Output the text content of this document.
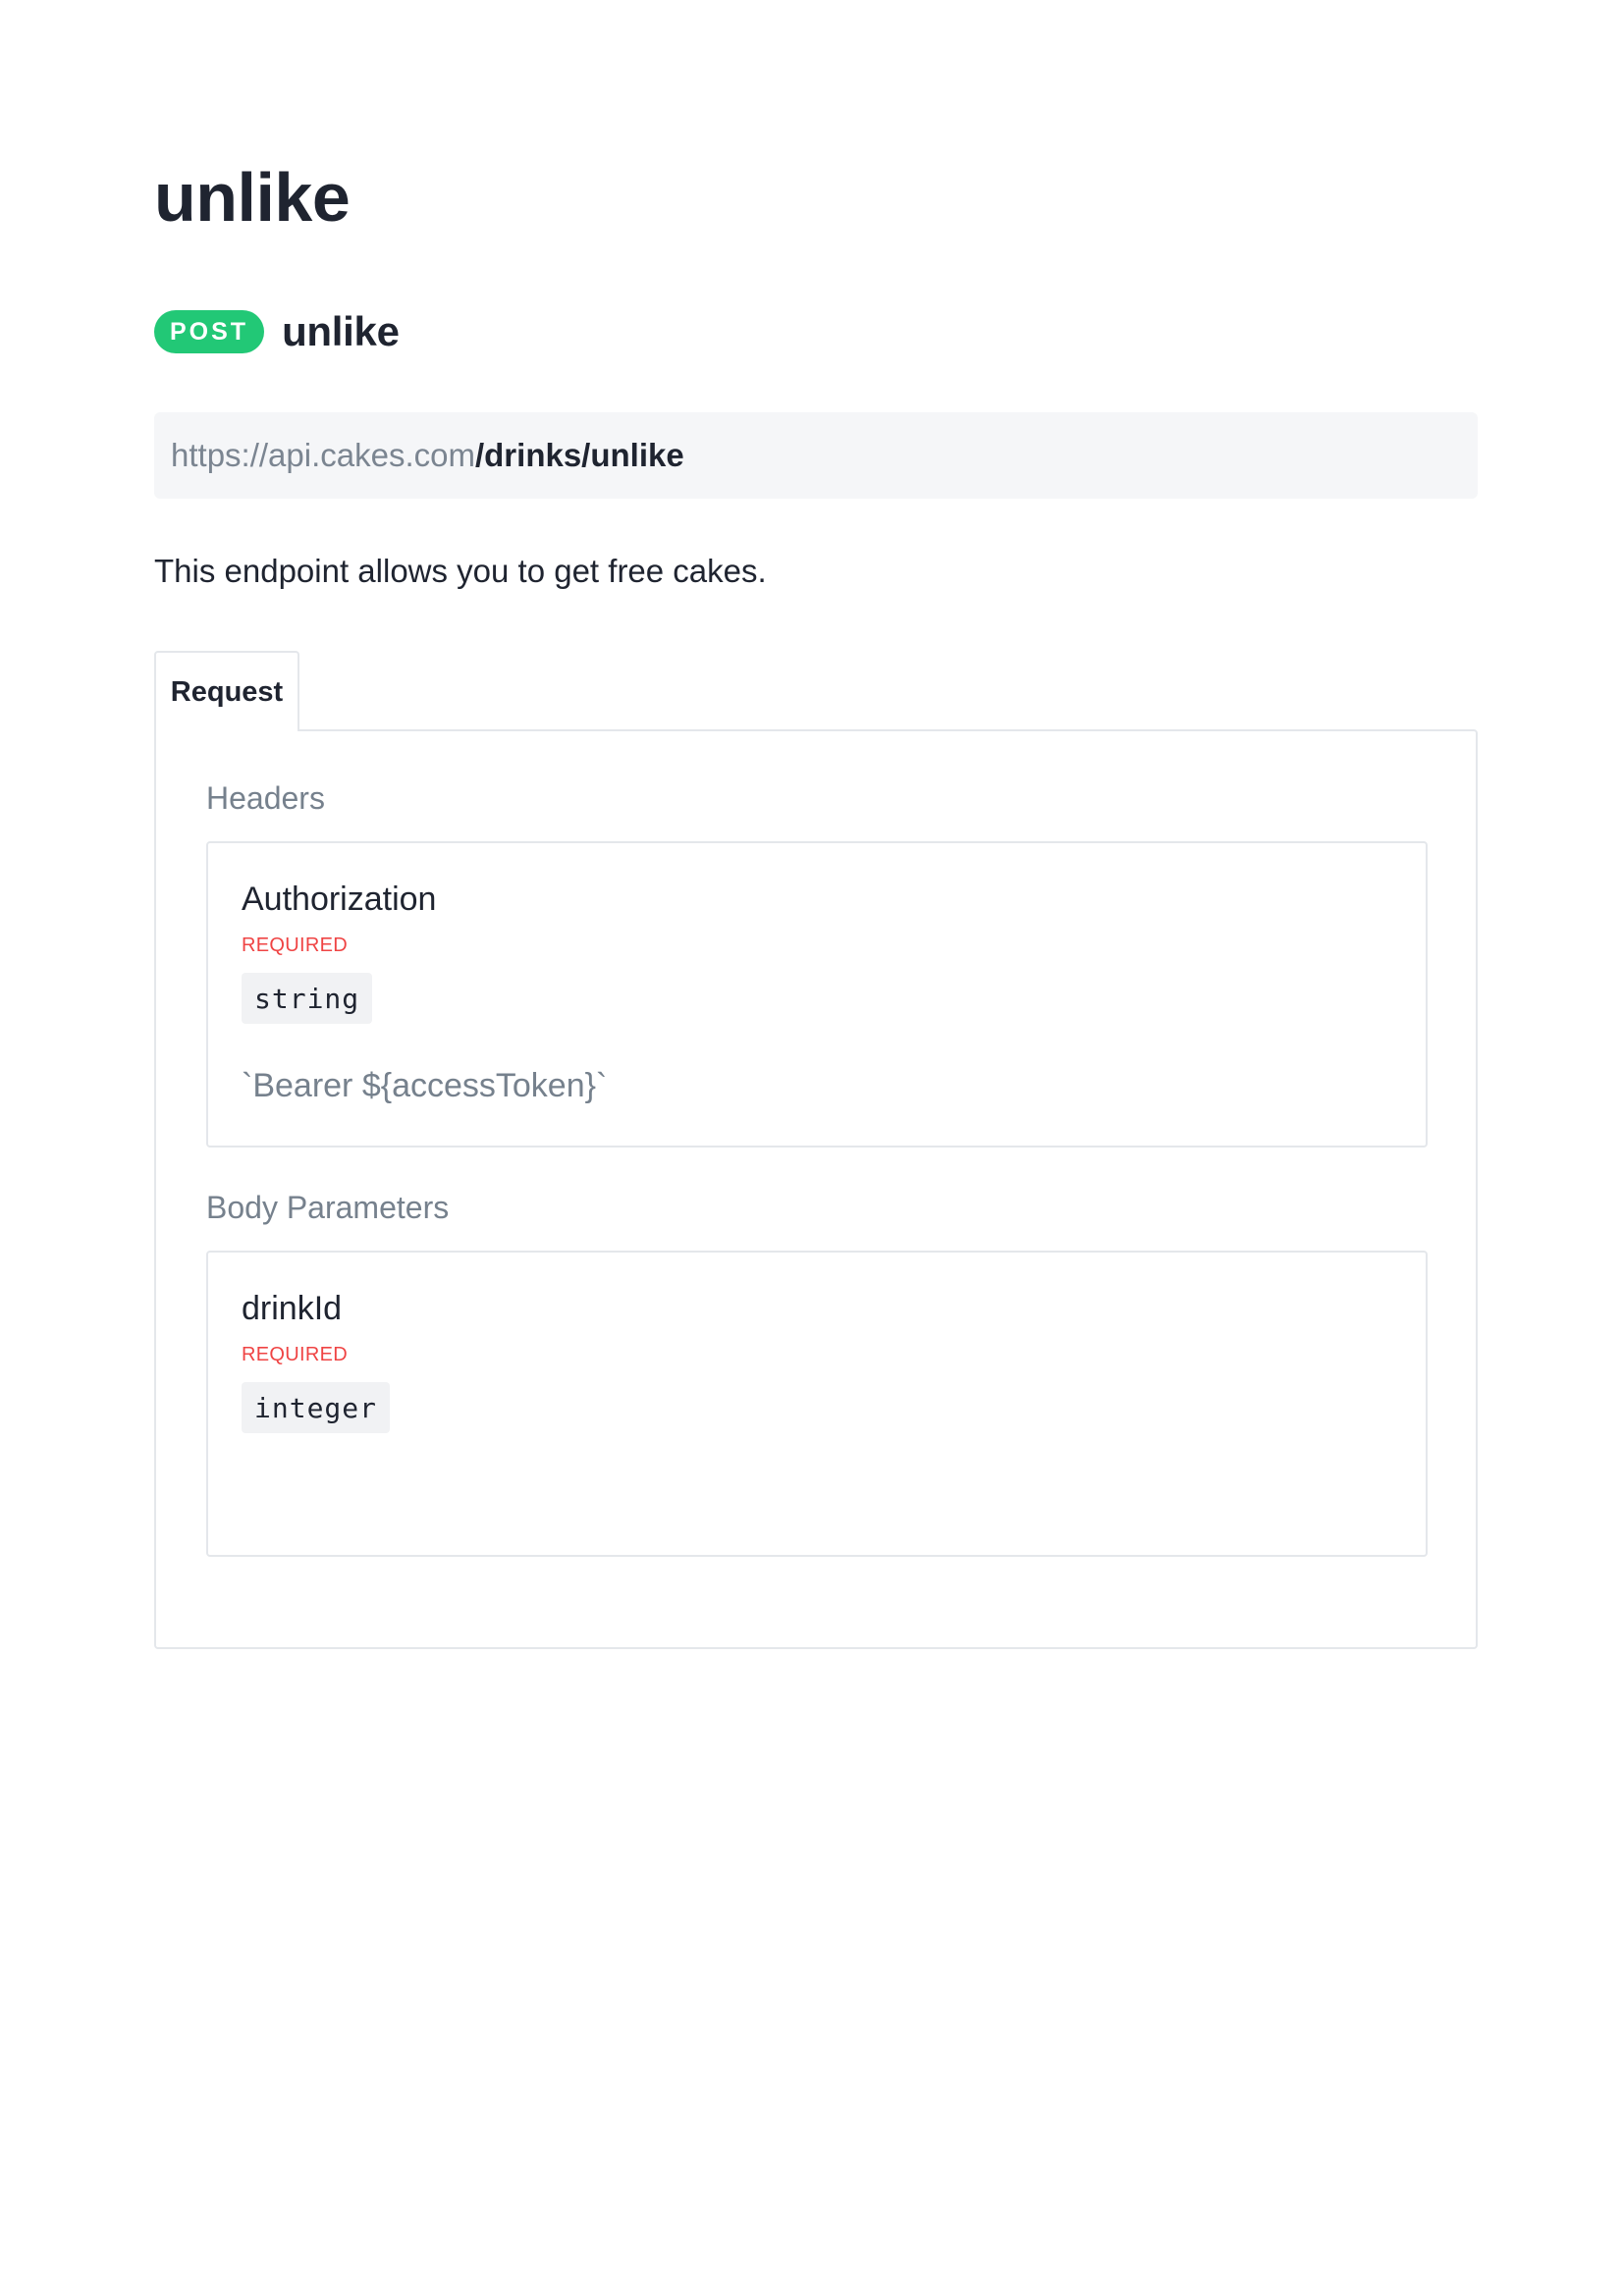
unlike
POST unlike
https://api.cakes.com /drinks/unlike

This endpoint allows you to get free cakes.

Request
Headers
Authorization
REQUIRED
string
`Bearer ${accessToken}`
Body Parameters
drinkId
REQUIRED
integer
